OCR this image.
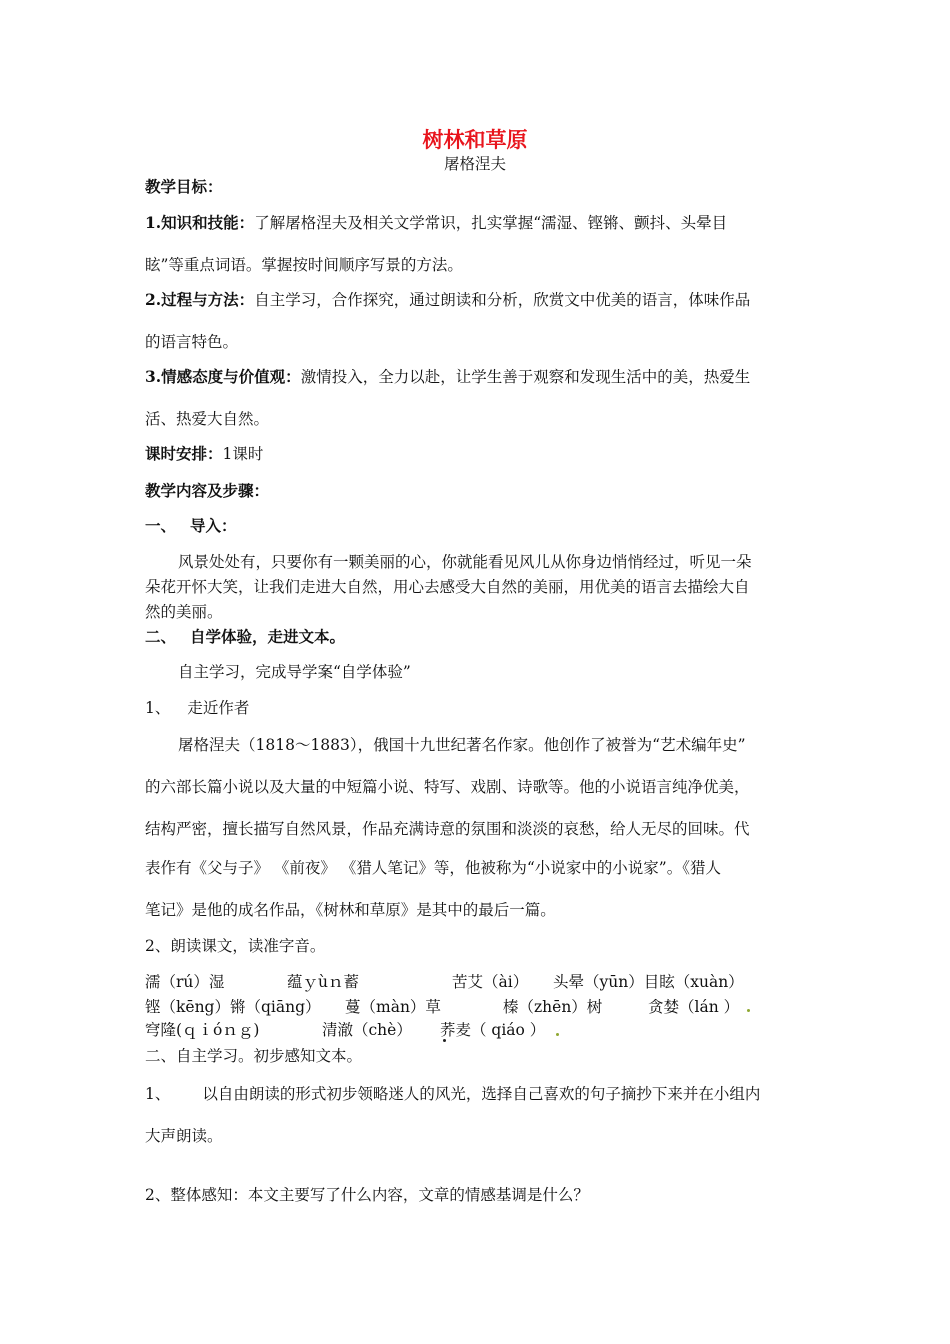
树林和草原
屠格涅夫
教学目标：
1.知识和技能：了解屠格涅夫及相关文学常识，扎实掌握“濡湿、铿锵、颤抖、头晕目
眩”等重点词语。掌握按时间顺序写景的方法。
2.过程与方法：自主学习，合作探究，通过朗读和分析，欣赏文中优美的语言，体味作品
的语言特色。
3.情感态度与价值观：激情投入，全力以赴，让学生善于观察和发现生活中的美，热爱生
活、热爱大自然。
课时安排：1课时
教学内容及步骤：
一、 导入：
风景处处有，只要你有一颗美丽的心，你就能看见风儿从你身边悄悄经过，听见一朵
朵花开怀大笑，让我们走进大自然，用心去感受大自然的美丽，用优美的语言去描绘大自
然的美丽。
二、 自学体验，走进文本。
自主学习，完成导学案“自学体验”
1、 走近作者
屠格涅夫（1818～1883），俄国十九世纪著名作家。他创作了被誉为“艺术编年史”
的六部长篇小说以及大量的中短篇小说、特写、戏剧、诗歌等。他的小说语言纯净优美，
结构严密，擅长描写自然风景，作品充满诗意的氛围和淡淡的哀愁，给人无尽的回味。代
表作有《父与子》 《前夜》 《猎人笔记》等，他被称为“小说家中的小说家”。《猎人
笔记》是他的成名作品，《树林和草原》是其中的最后一篇。
2、朗读课文，读准字音。
濡（rú）湿	蕴ｙùｎ蓄	苦艾（ài） 头晕（yūn）目眩（xuàn）
铿（kēng）锵（qiāng） 蔓（màn）草	榛（zhēn）树	贪婪（lán ）
穹隆(ｑｉóｎｇ)	清澈（chè） 荞麦（ qiáo ）
二、自主学习。初步感知文本。
1、 以自由朗读的形式初步领略迷人的风光，选择自己喜欢的句子摘抄下来并在小组内
大声朗读。
2、整体感知：本文主要写了什么内容，文章的情感基调是什么？
